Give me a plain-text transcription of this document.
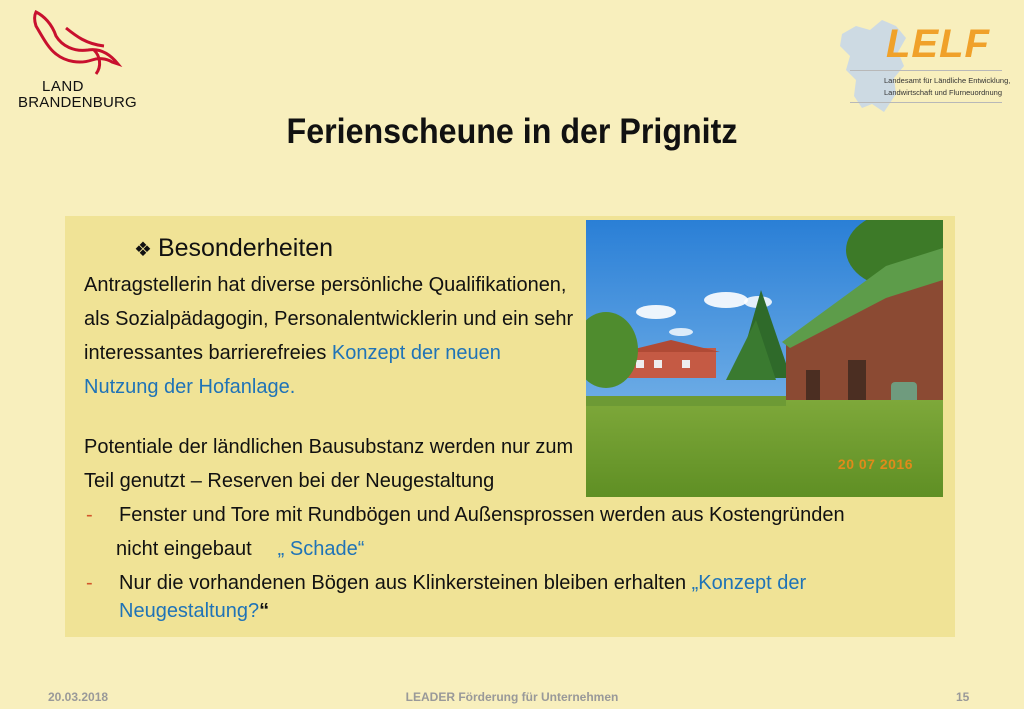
LAND
BRANDENBURG
LELF
Landesamt für Ländliche Entwicklung,
Landwirtschaft und Flurneuordnung
Ferienscheune in der Prignitz
20 07 2016
❖ Besonderheiten
Antragstellerin hat diverse persönliche Qualifikationen,
als Sozialpädagogin, Personalentwicklerin und ein sehr
interessantes barrierefreies Konzept der neuen
Nutzung der Hofanlage.
Potentiale der ländlichen Bausubstanz werden nur zum
Teil genutzt – Reserven bei der Neugestaltung
- Fenster und Tore mit Rundbögen und Außensprossen werden aus Kostengründen
nicht eingebaut „ Schade“
- Nur die vorhandenen Bögen aus Klinkersteinen bleiben erhalten „Konzept der
Neugestaltung?“
20.03.2018	LEADER Förderung für Unternehmen	15
